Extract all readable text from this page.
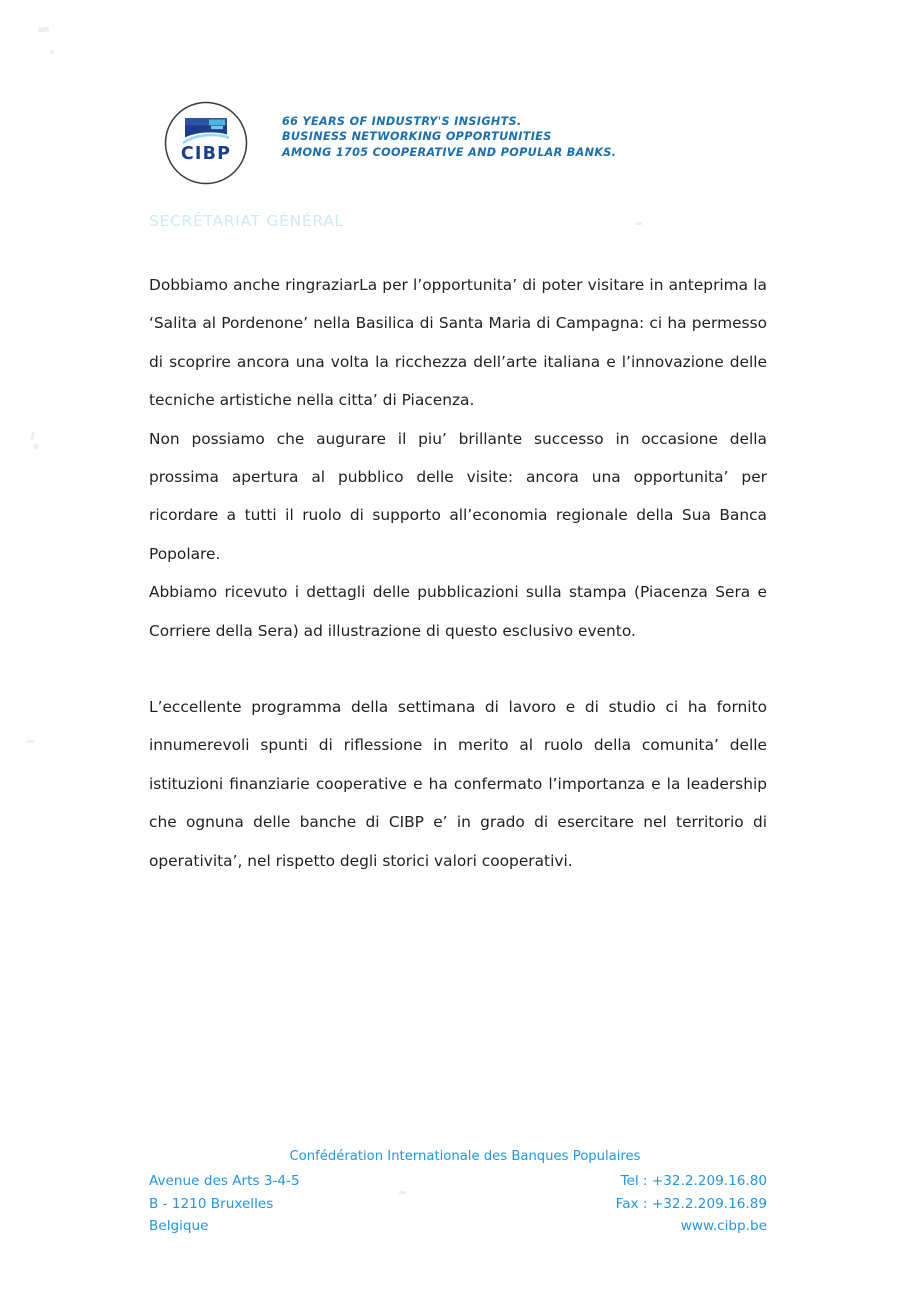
CIBP
66 YEARS OF INDUSTRY'S INSIGHTS.
BUSINESS NETWORKING OPPORTUNITIES
AMONG 1705 COOPERATIVE AND POPULAR BANKS.
SECRÉTARIAT GÉNÉRAL

Dobbiamo anche ringraziarLa per l’opportunita’ di poter visitare in anteprima la ‘Salita al Pordenone’ nella Basilica di Santa Maria di Campagna: ci ha permesso di scoprire ancora una volta la ricchezza dell’arte italiana e l’innovazione delle tecniche artistiche nella citta’ di Piacenza.

Non possiamo che augurare il piu’ brillante successo in occasione della prossima apertura al pubblico delle visite: ancora una opportunita’ per ricordare a tutti il ruolo di supporto all’economia regionale della Sua Banca Popolare.

Abbiamo ricevuto i dettagli delle pubblicazioni sulla stampa (Piacenza Sera e Corriere della Sera) ad illustrazione di questo esclusivo evento.

L’eccellente programma della settimana di lavoro e di studio ci ha fornito innumerevoli spunti di riflessione in merito al ruolo della comunita’ delle istituzioni finanziarie cooperative e ha confermato l’importanza e la leadership che ognuna delle banche di CIBP e’ in grado di esercitare nel territorio di operativita’, nel rispetto degli storici valori cooperativi.

Confédération Internationale des Banques Populaires
Avenue des Arts 3-4-5
B - 1210 Bruxelles
Belgique
Tel : +32.2.209.16.80
Fax : +32.2.209.16.89
www.cibp.be
